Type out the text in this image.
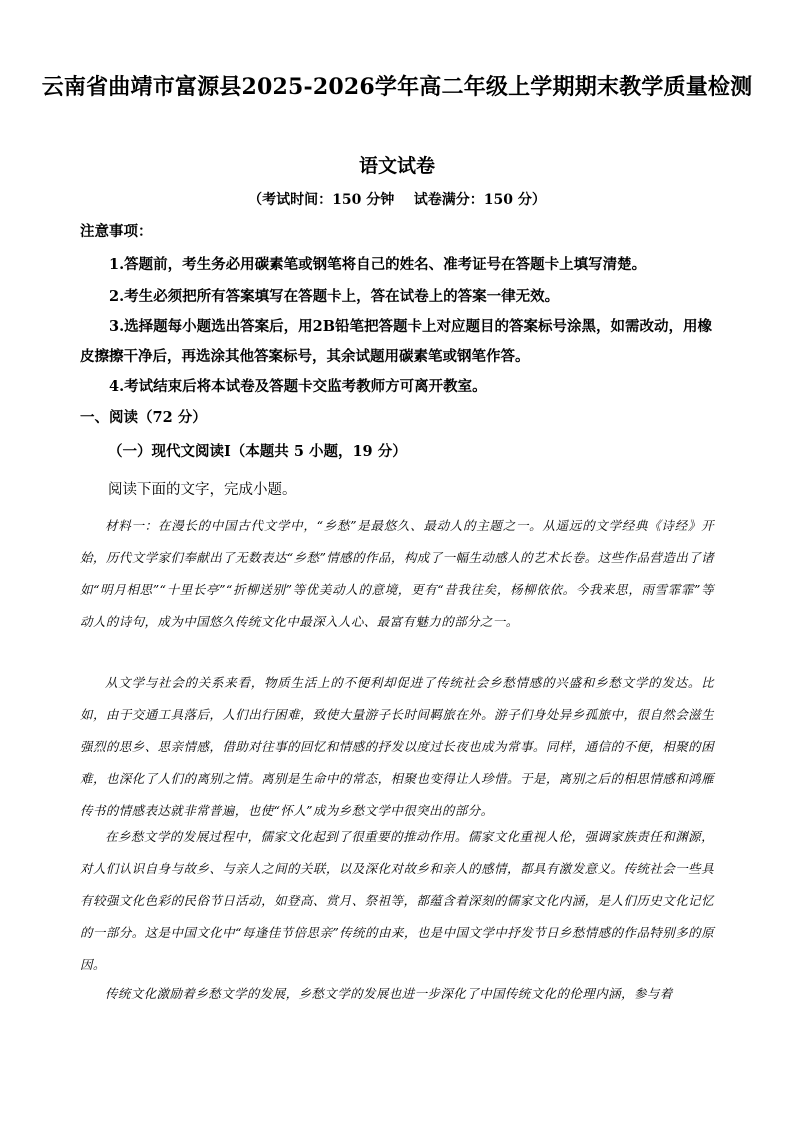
云南省曲靖市富源县2025-2026学年高二年级上学期期末教学质量检测
语文试卷
（考试时间：150 分钟    试卷满分：150 分）
注意事项：

1.答题前，考生务必用碳素笔或钢笔将自己的姓名、准考证号在答题卡上填写清楚。

2.考生必须把所有答案填写在答题卡上，答在试卷上的答案一律无效。

3.选择题每小题选出答案后，用2B铅笔把答题卡上对应题目的答案标号涂黑，如需改动，用橡皮擦擦干净后，再选涂其他答案标号，其余试题用碳素笔或钢笔作答。

4.考试结束后将本试卷及答题卡交监考教师方可离开教室。

一、阅读（72 分）
（一）现代文阅读Ⅰ（本题共 5 小题，19 分）
阅读下面的文字，完成小题。

材料一：在漫长的中国古代文学中，“乡愁”是最悠久、最动人的主题之一。从遥远的文学经典《诗经》开始，历代文学家们奉献出了无数表达“乡愁”情感的作品，构成了一幅生动感人的艺术长卷。这些作品营造出了诸如“明月相思”“十里长亭”“折柳送别”等优美动人的意境，更有“昔我往矣，杨柳依依。今我来思，雨雪霏霏”等动人的诗句，成为中国悠久传统文化中最深入人心、最富有魅力的部分之一。

从文学与社会的关系来看，物质生活上的不便利却促进了传统社会乡愁情感的兴盛和乡愁文学的发达。比如，由于交通工具落后，人们出行困难，致使大量游子长时间羁旅在外。游子们身处异乡孤旅中，很自然会滋生强烈的思乡、思亲情感，借助对往事的回忆和情感的抒发以度过长夜也成为常事。同样，通信的不便，相聚的困难，也深化了人们的离别之情。离别是生命中的常态，相聚也变得让人珍惜。于是，离别之后的相思情感和鸿雁传书的情感表达就非常普遍，也使“怀人”成为乡愁文学中很突出的部分。

在乡愁文学的发展过程中，儒家文化起到了很重要的推动作用。儒家文化重视人伦，强调家族责任和渊源，对人们认识自身与故乡、与亲人之间的关联，以及深化对故乡和亲人的感情，都具有激发意义。传统社会一些具有较强文化色彩的民俗节日活动，如登高、赏月、祭祖等，都蕴含着深刻的儒家文化内涵，是人们历史文化记忆的一部分。这是中国文化中“每逢佳节倍思亲”传统的由来，也是中国文学中抒发节日乡愁情感的作品特别多的原因。

传统文化激励着乡愁文学的发展，乡愁文学的发展也进一步深化了中国传统文化的伦理内涵，参与着
